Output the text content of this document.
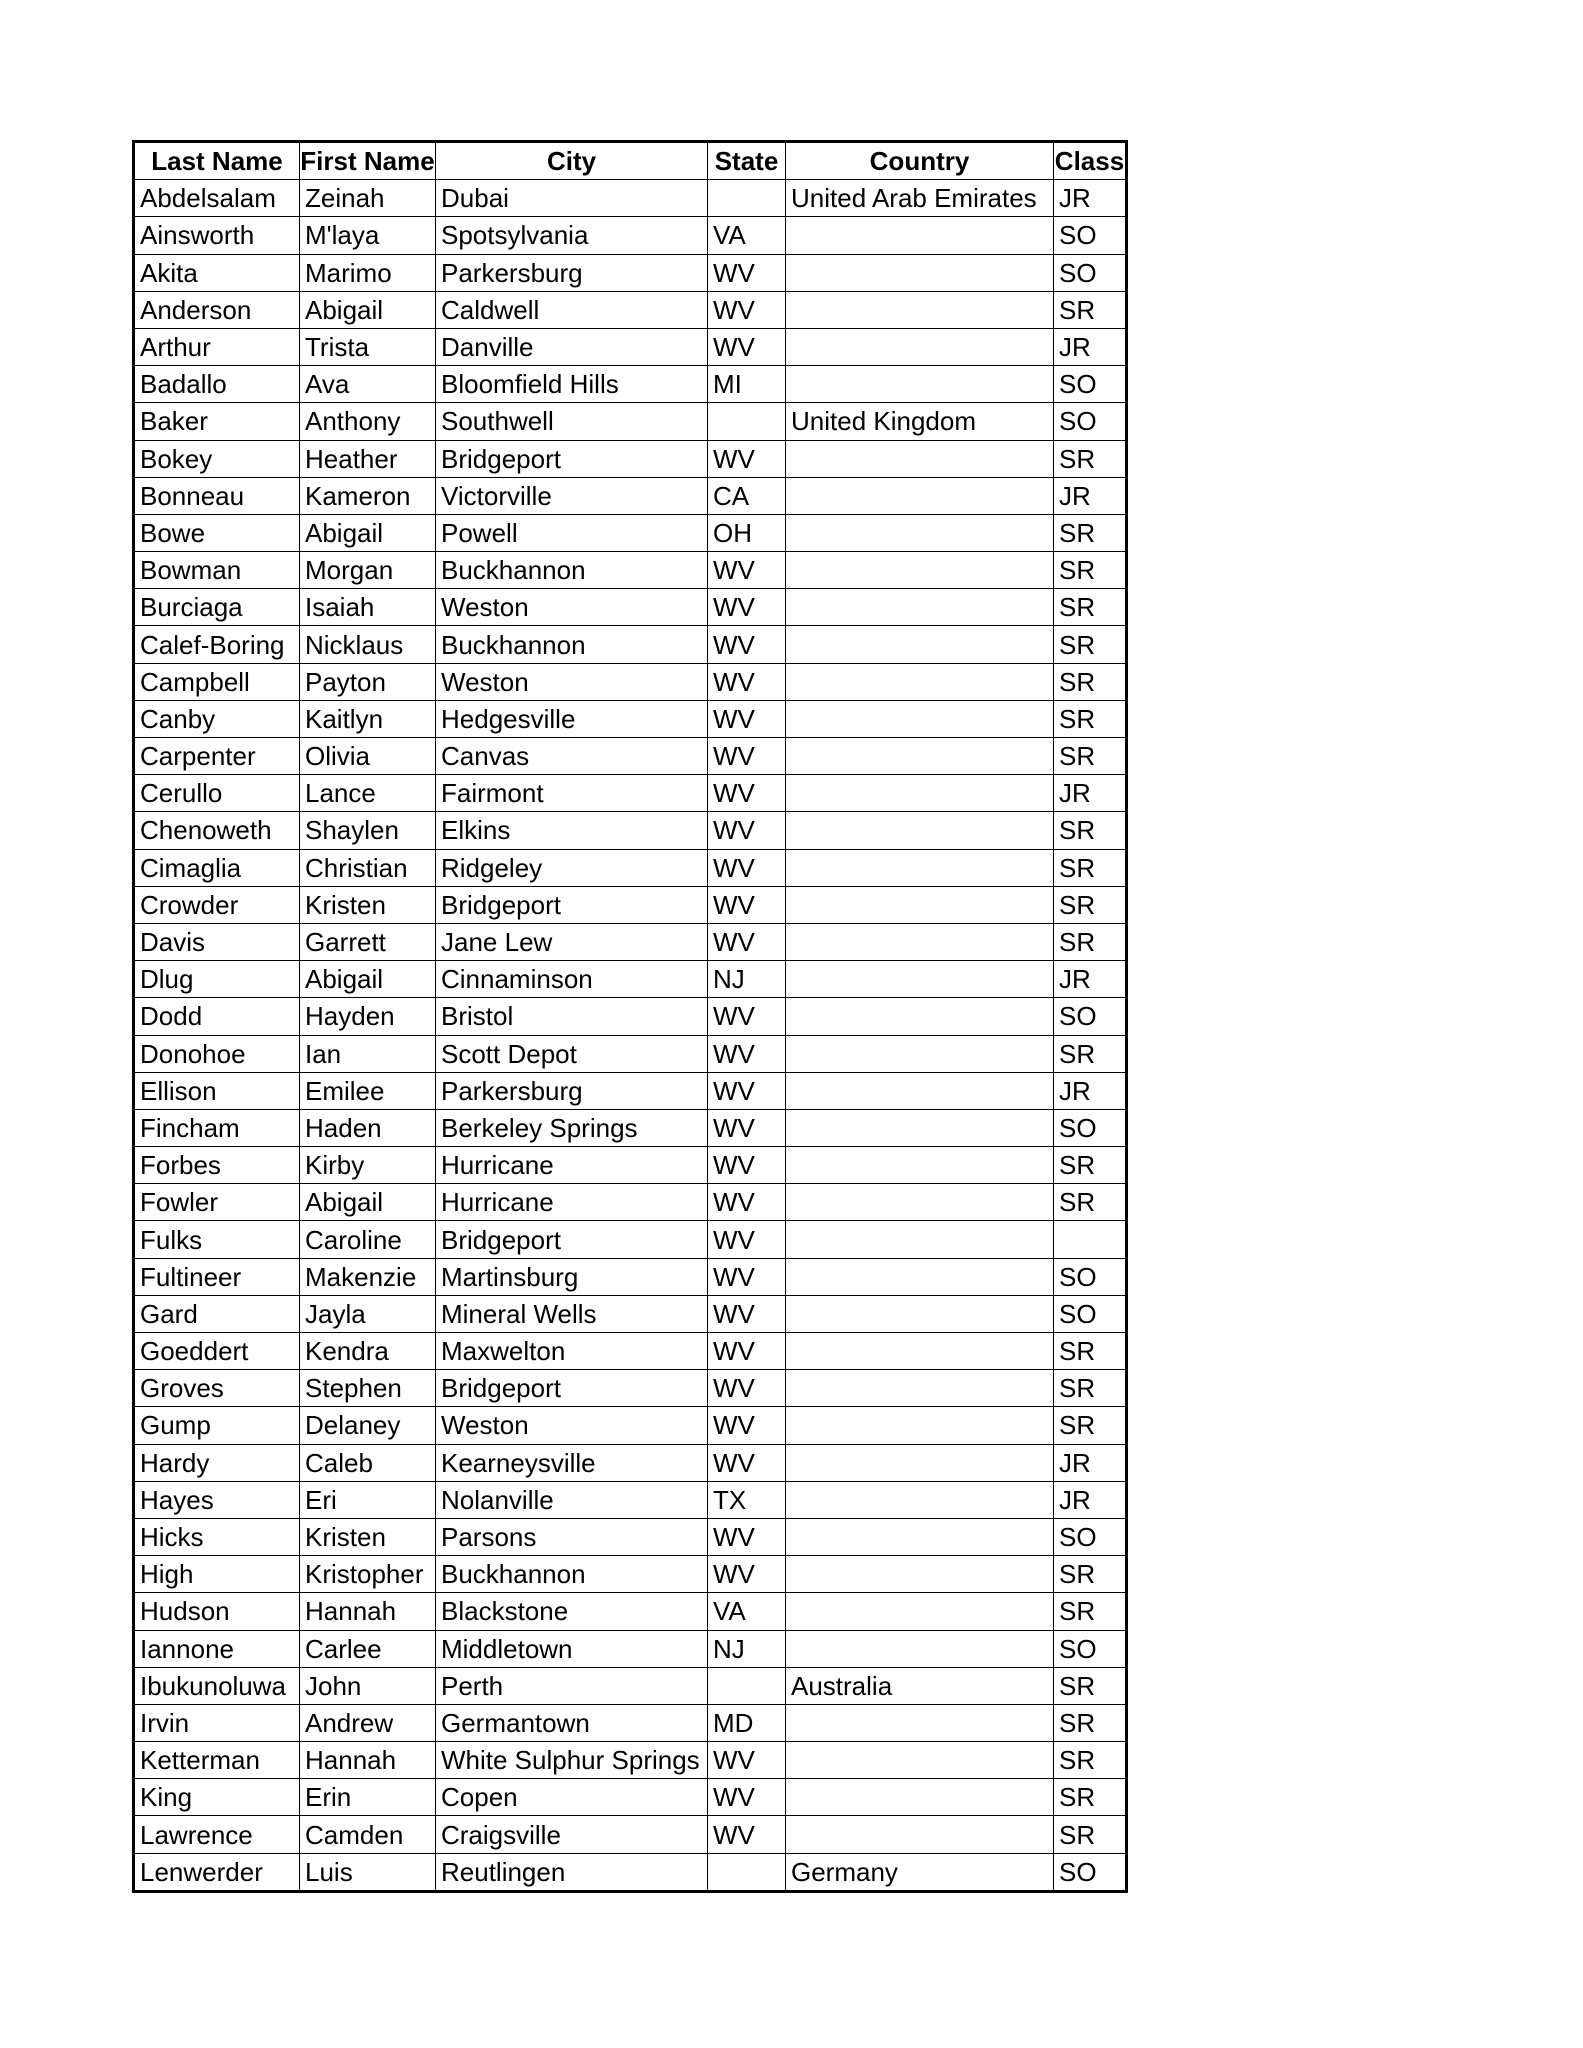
Last Name	First Name	City	State	Country	Class
Abdelsalam	Zeinah	Dubai		United Arab Emirates	JR
Ainsworth	M'laya	Spotsylvania	VA		SO
Akita	Marimo	Parkersburg	WV		SO
Anderson	Abigail	Caldwell	WV		SR
Arthur	Trista	Danville	WV		JR
Badallo	Ava	Bloomfield Hills	MI		SO
Baker	Anthony	Southwell		United Kingdom	SO
Bokey	Heather	Bridgeport	WV		SR
Bonneau	Kameron	Victorville	CA		JR
Bowe	Abigail	Powell	OH		SR
Bowman	Morgan	Buckhannon	WV		SR
Burciaga	Isaiah	Weston	WV		SR
Calef-Boring	Nicklaus	Buckhannon	WV		SR
Campbell	Payton	Weston	WV		SR
Canby	Kaitlyn	Hedgesville	WV		SR
Carpenter	Olivia	Canvas	WV		SR
Cerullo	Lance	Fairmont	WV		JR
Chenoweth	Shaylen	Elkins	WV		SR
Cimaglia	Christian	Ridgeley	WV		SR
Crowder	Kristen	Bridgeport	WV		SR
Davis	Garrett	Jane Lew	WV		SR
Dlug	Abigail	Cinnaminson	NJ		JR
Dodd	Hayden	Bristol	WV		SO
Donohoe	Ian	Scott Depot	WV		SR
Ellison	Emilee	Parkersburg	WV		JR
Fincham	Haden	Berkeley Springs	WV		SO
Forbes	Kirby	Hurricane	WV		SR
Fowler	Abigail	Hurricane	WV		SR
Fulks	Caroline	Bridgeport	WV		
Fultineer	Makenzie	Martinsburg	WV		SO
Gard	Jayla	Mineral Wells	WV		SO
Goeddert	Kendra	Maxwelton	WV		SR
Groves	Stephen	Bridgeport	WV		SR
Gump	Delaney	Weston	WV		SR
Hardy	Caleb	Kearneysville	WV		JR
Hayes	Eri	Nolanville	TX		JR
Hicks	Kristen	Parsons	WV		SO
High	Kristopher	Buckhannon	WV		SR
Hudson	Hannah	Blackstone	VA		SR
Iannone	Carlee	Middletown	NJ		SO
Ibukunoluwa	John	Perth		Australia	SR
Irvin	Andrew	Germantown	MD		SR
Ketterman	Hannah	White Sulphur Springs	WV		SR
King	Erin	Copen	WV		SR
Lawrence	Camden	Craigsville	WV		SR
Lenwerder	Luis	Reutlingen		Germany	SO
